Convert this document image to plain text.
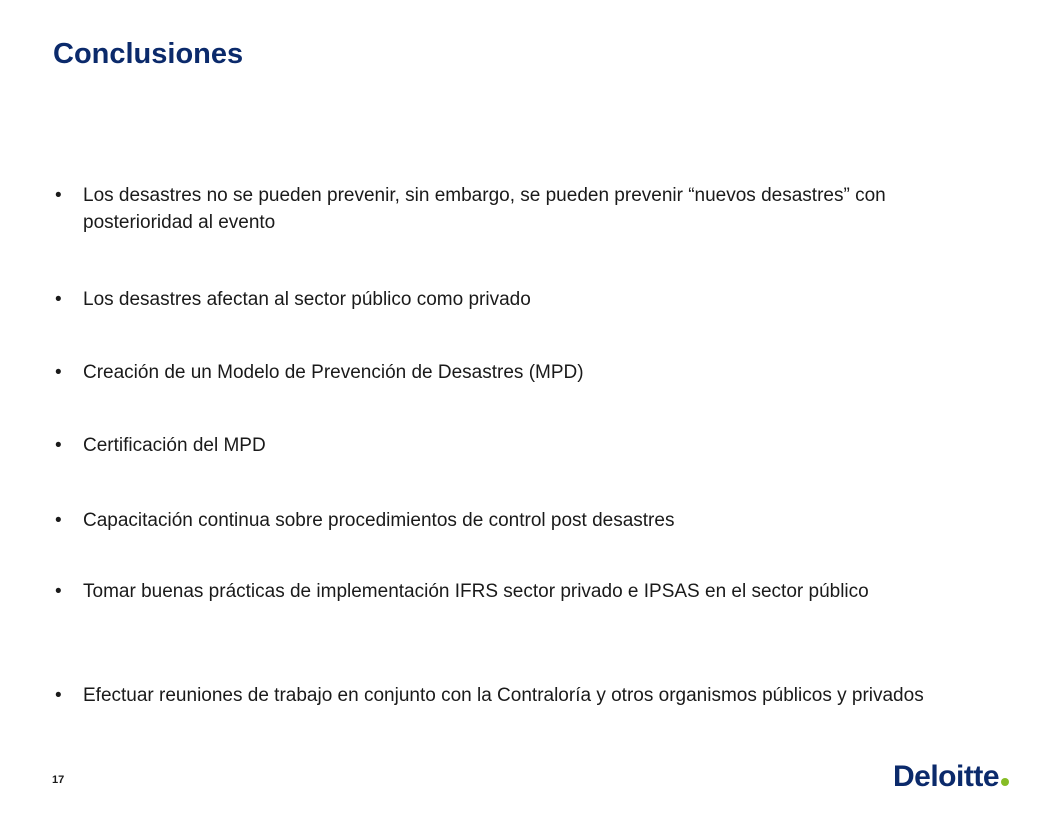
Conclusiones
•	Los desastres no se pueden prevenir, sin embargo, se pueden prevenir “nuevos desastres” con posterioridad al evento
•	Los desastres afectan al sector público como privado
•	Creación de un Modelo de Prevención de Desastres (MPD)
•	Certificación del MPD
•	Capacitación continua sobre procedimientos de control post desastres
•	Tomar buenas prácticas de implementación IFRS sector privado e IPSAS en el sector público
•	Efectuar reuniones de trabajo en conjunto con la Contraloría y otros organismos públicos y privados
17	Deloitte
